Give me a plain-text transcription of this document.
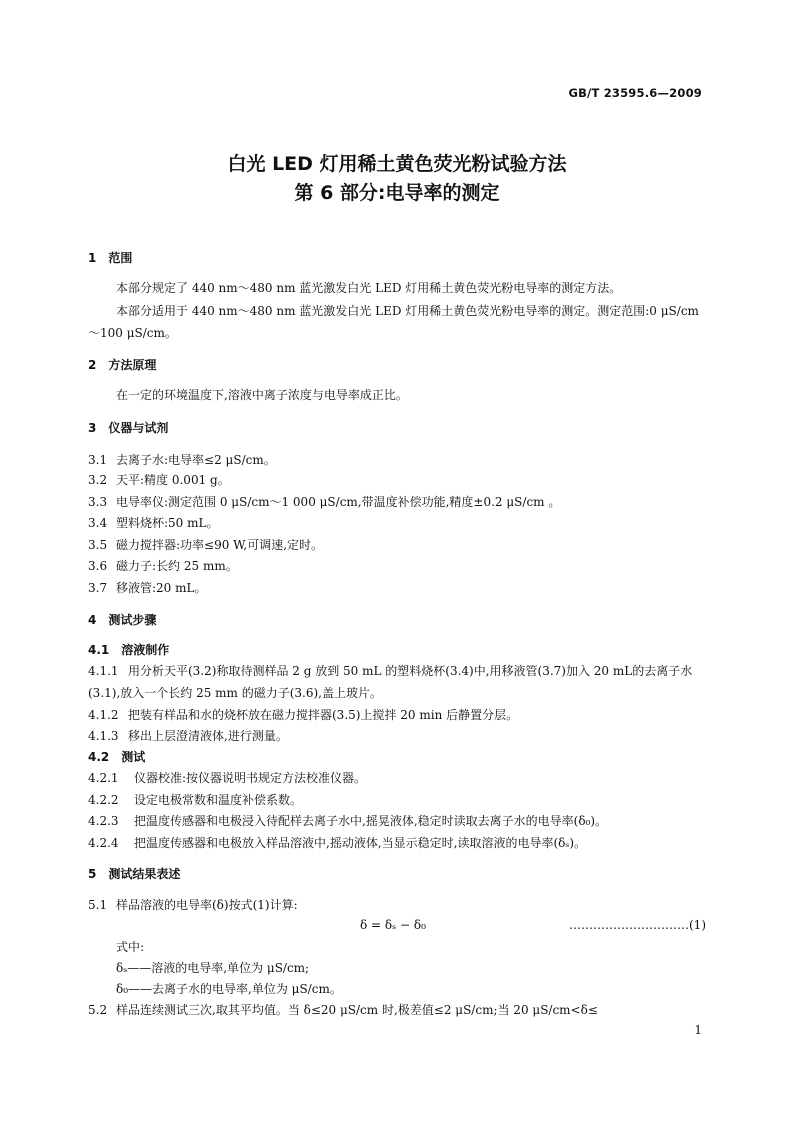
GB/T 23595.6—2009
白光 LED 灯用稀土黄色荧光粉试验方法
第 6 部分:电导率的测定
1　范围
本部分规定了 440 nm～480 nm 蓝光激发白光 LED 灯用稀土黄色荧光粉电导率的测定方法。
本部分适用于 440 nm～480 nm 蓝光激发白光 LED 灯用稀土黄色荧光粉电导率的测定。测定范围:0 μS/cm～100 μS/cm。
2　方法原理
在一定的环境温度下,溶液中离子浓度与电导率成正比。
3　仪器与试剂
3.1 去离子水:电导率≤2 μS/cm。
3.2 天平:精度 0.001 g。
3.3 电导率仪:测定范围 0 μS/cm～1 000 μS/cm,带温度补偿功能,精度±0.2 μS/cm 。
3.4 塑料烧杯:50 mL。
3.5 磁力搅拌器:功率≤90 W,可调速,定时。
3.6 磁力子:长约 25 mm。
3.7 移液管:20 mL。
4　测试步骤
4.1　溶液制作
4.1.1 用分析天平(3.2)称取待测样品 2 g 放到 50 mL 的塑料烧杯(3.4)中,用移液管(3.7)加入 20 mL的去离子水(3.1),放入一个长约 25 mm 的磁力子(3.6),盖上玻片。
4.1.2 把装有样品和水的烧杯放在磁力搅拌器(3.5)上搅拌 20 min 后静置分层。
4.1.3 移出上层澄清液体,进行测量。
4.2　测试
4.2.1 仪器校准:按仪器说明书规定方法校准仪器。
4.2.2 设定电极常数和温度补偿系数。
4.2.3 把温度传感器和电极浸入待配样去离子水中,摇晃液体,稳定时读取去离子水的电导率(δ₀)。
4.2.4 把温度传感器和电极放入样品溶液中,摇动液体,当显示稳定时,读取溶液的电导率(δₛ)。
5　测试结果表述
5.1 样品溶液的电导率(δ)按式(1)计算:
δ = δₛ − δ₀	…………………………(1)
式中:
δₛ——溶液的电导率,单位为 μS/cm;
δ₀——去离子水的电导率,单位为 μS/cm。
5.2 样品连续测试三次,取其平均值。当 δ≤20 μS/cm 时,极差值≤2 μS/cm;当 20 μS/cm<δ≤
1
